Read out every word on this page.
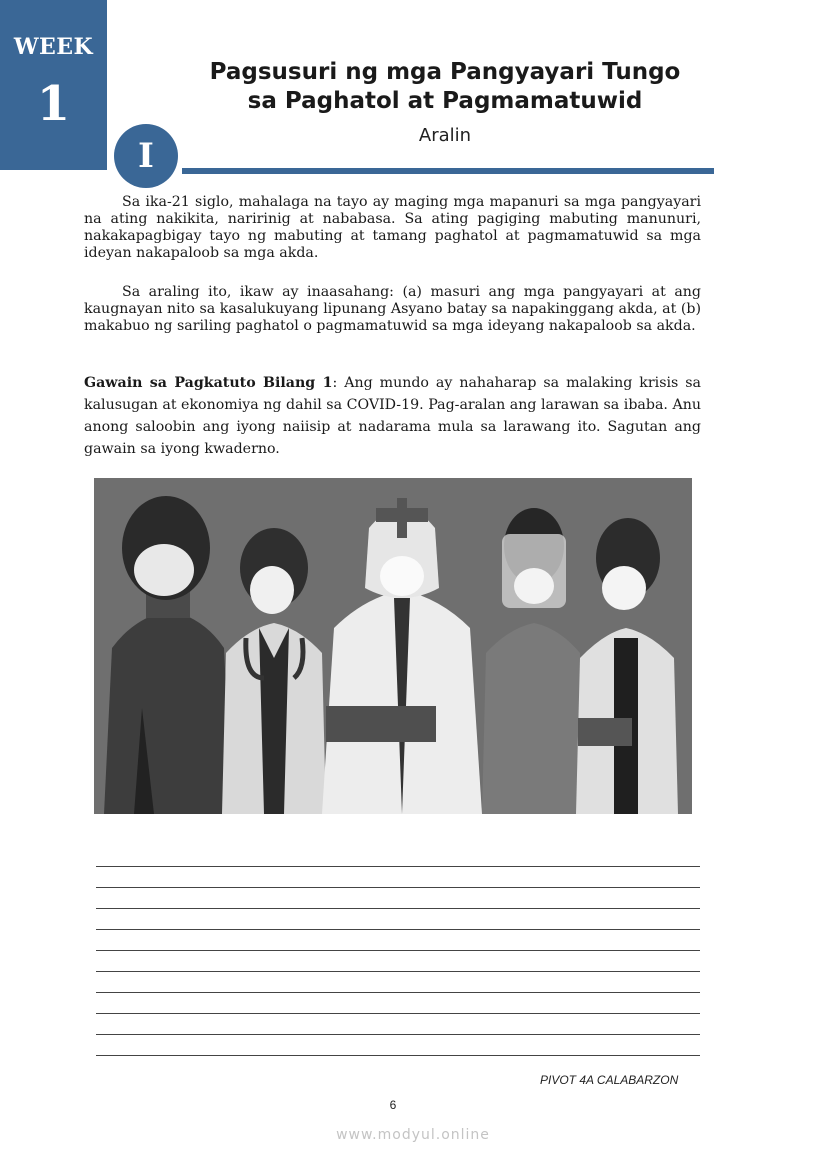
WEEK
1
Pagsusuri ng mga Pangyayari Tungo
sa Paghatol at Pagmamatuwid
Aralin
I

Sa ika-21 siglo, mahalaga na tayo ay maging mga mapanuri sa mga pangyayari na ating nakikita, naririnig at nababasa. Sa ating pagiging mabuting manunuri, nakakapagbigay tayo ng mabuting at tamang paghatol at pagmamatuwid sa mga ideyan nakapaloob sa mga akda.

Sa araling ito, ikaw ay inaasahang: (a) masuri ang mga pangyayari at ang kaugnayan nito sa kasalukuyang lipunang Asyano batay sa napakinggang akda, at (b) makabuo ng sariling paghatol o pagmamatuwid sa mga ideyang nakapaloob sa akda.

Gawain sa Pagkatuto Bilang 1: Ang mundo ay nahaharap sa malaking krisis sa kalusugan at ekonomiya ng dahil sa COVID-19. Pag-aralan ang larawan sa ibaba. Anu anong saloobin ang iyong naiisip at nadarama mula sa larawang ito. Sagutan ang gawain sa iyong kwaderno.

PIVOT 4A CALABARZON
6
www.modyul.online
